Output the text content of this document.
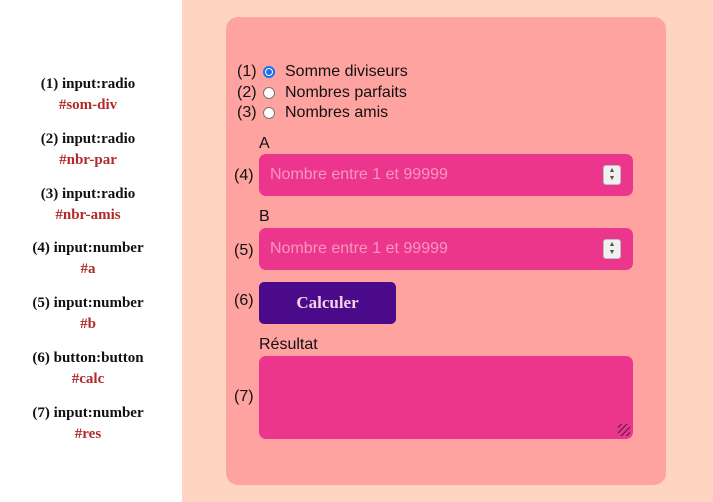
(1) input:radio
#som-div
(2) input:radio
#nbr-par
(3) input:radio
#nbr-amis
(4) input:number
#a
(5) input:number
#b
(6) button:button
#calc
(7) input:number
#res
(1)	Somme diviseurs
(2)	Nombres parfaits
(3)	Nombres amis
A
(4) Nombre entre 1 et 99999	▲
▼
B
(5) Nombre entre 1 et 99999	▲
▼
(6)	Calculer
Résultat
(7)
